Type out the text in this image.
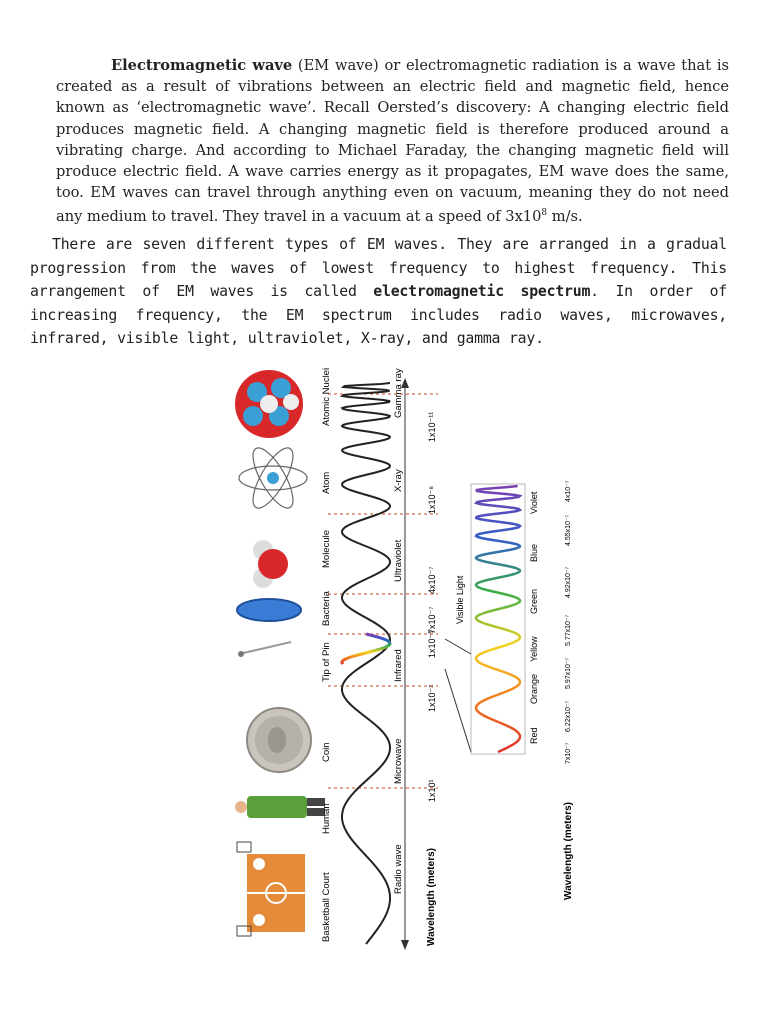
Electromagnetic wave (EM wave) or electromagnetic radiation is a wave that is created as a result of vibrations between an electric field and magnetic field, hence known as ‘electromagnetic wave’. Recall Oersted’s discovery: A changing electric field produces magnetic field. A changing magnetic field is therefore produced around a vibrating charge. And according to Michael Faraday, the changing magnetic field will produce electric field. A wave carries energy as it propagates, EM wave does the same, too. EM waves can travel through anything even on vacuum, meaning they do not need any medium to travel. They travel in a vacuum at a speed of $3x10^8$ m/s.

There are seven different types of EM waves. They are arranged in a gradual progression from the waves of lowest frequency to highest frequency. This arrangement of EM waves is called electromagnetic spectrum. In order of increasing frequency, the EM spectrum includes radio waves, microwaves, infrared, visible light, ultraviolet, X-ray, and gamma ray.

Basketball Court
Human
Coin
Tip of Pin
Bacteria
Molecule
Atom
Atomic Nuclei
Radio wave
Microwave
Infrared
Ultraviolet
X-ray
Gamma ray
1x10¹
1x10⁻²
1x10⁻⁵
7x10⁻⁷
4x10⁻⁷
1x10⁻⁸
1x10⁻¹¹
Red
Orange
Yellow
Green
Blue
Violet
7x10⁻⁷
6.22x10⁻⁷
5.97x10⁻⁷
5.77x10⁻⁷
4.92x10⁻⁷
4.55x10⁻⁷
4x10⁻⁷
Visible Light
Wavelength (meters)	Wavelength (meters)
